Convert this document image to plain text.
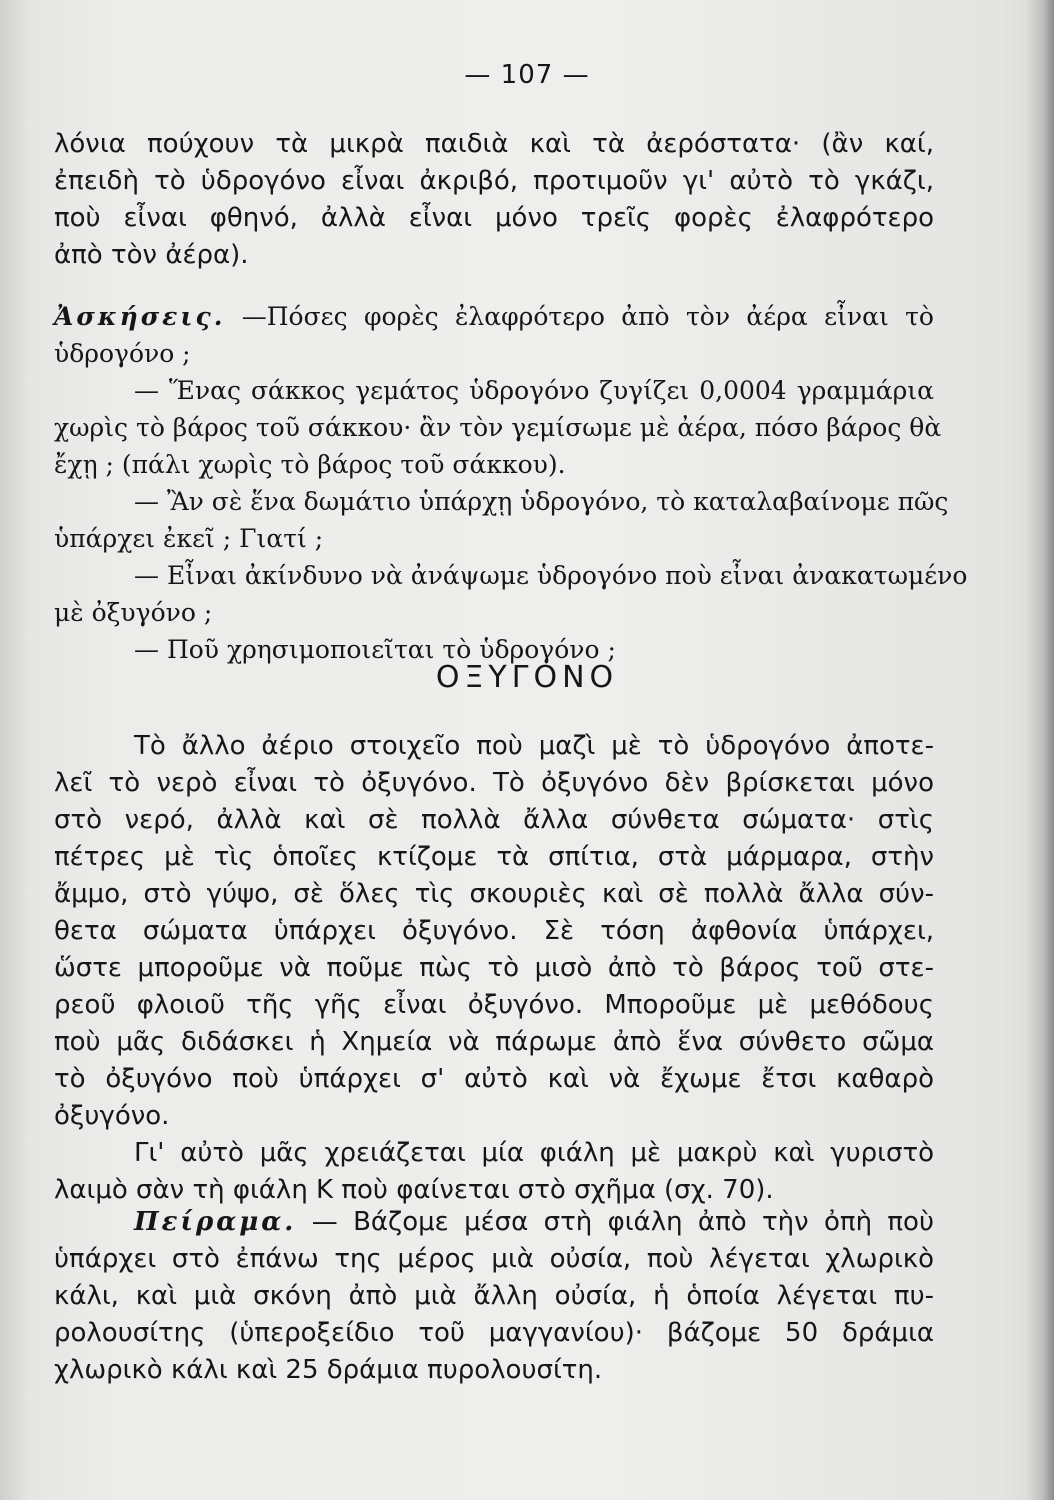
— 107 —
λόνια πούχουν τὰ μικρὰ παιδιὰ καὶ τὰ ἀερόστατα· (ἂν καί,
ἐπειδὴ τὸ ὑδρογόνο εἶναι ἀκριβό, προτιμοῦν γι' αὐτὸ τὸ γκάζι,
ποὺ εἶναι φθηνό, ἀλλὰ εἶναι μόνο τρεῖς φορὲς ἐλαφρότερο
ἀπὸ τὸν ἀέρα).
Ἀσκήσεις. —Πόσες φορὲς ἐλαφρότερο ἀπὸ τὸν ἀέρα εἶναι τὸ
ὑδρογόνο ;
— Ἕνας σάκκος γεμάτος ὑδρογόνο ζυγίζει 0,0004 γραμμάρια
χωρὶς τὸ βάρος τοῦ σάκκου· ἂν τὸν γεμίσωμε μὲ ἀέρα, πόσο βάρος θὰ
ἔχῃ ; (πάλι χωρὶς τὸ βάρος τοῦ σάκκου).
— Ἂν σὲ ἕνα δωμάτιο ὑπάρχῃ ὑδρογόνο, τὸ καταλαβαίνομε πῶς
ὑπάρχει ἐκεῖ ; Γιατί ;
— Εἶναι ἀκίνδυνο νὰ ἀνάψωμε ὑδρογόνο ποὺ εἶναι ἀνακατωμένο
μὲ ὀξυγόνο ;
— Ποῦ χρησιμοποιεῖται τὸ ὑδρογόνο ;
ΟΞΥΓΟΝΟ
Τὸ ἄλλο ἀέριο στοιχεῖο ποὺ μαζὶ μὲ τὸ ὑδρογόνο ἀποτε-
λεῖ τὸ νερὸ εἶναι τὸ ὀξυγόνο. Τὸ ὀξυγόνο δὲν βρίσκεται μόνο
στὸ νερό, ἀλλὰ καὶ σὲ πολλὰ ἄλλα σύνθετα σώματα· στὶς
πέτρες μὲ τὶς ὁποῖες κτίζομε τὰ σπίτια, στὰ μάρμαρα, στὴν
ἄμμο, στὸ γύψο, σὲ ὅλες τὶς σκουριὲς καὶ σὲ πολλὰ ἄλλα σύν-
θετα σώματα ὑπάρχει ὀξυγόνο. Σὲ τόση ἀφθονία ὑπάρχει,
ὥστε μποροῦμε νὰ ποῦμε πὼς τὸ μισὸ ἀπὸ τὸ βάρος τοῦ στε-
ρεοῦ φλοιοῦ τῆς γῆς εἶναι ὀξυγόνο. Μποροῦμε μὲ μεθόδους
ποὺ μᾶς διδάσκει ἡ Χημεία νὰ πάρωμε ἀπὸ ἕνα σύνθετο σῶμα
τὸ ὀξυγόνο ποὺ ὑπάρχει σ' αὐτὸ καὶ νὰ ἔχωμε ἔτσι καθαρὸ
ὀξυγόνο.
Γι' αὐτὸ μᾶς χρειάζεται μία φιάλη μὲ μακρὺ καὶ γυριστὸ
λαιμὸ σὰν τὴ φιάλη Κ ποὺ φαίνεται στὸ σχῆμα (σχ. 70).
Πείραμα. — Βάζομε μέσα στὴ φιάλη ἀπὸ τὴν ὀπὴ ποὺ
ὑπάρχει στὸ ἐπάνω της μέρος μιὰ οὐσία, ποὺ λέγεται χλωρικὸ
κάλι, καὶ μιὰ σκόνη ἀπὸ μιὰ ἄλλη οὐσία, ἡ ὁποία λέγεται πυ-
ρολουσίτης (ὑπεροξείδιο τοῦ μαγγανίου)· βάζομε 50 δράμια
χλωρικὸ κάλι καὶ 25 δράμια πυρολουσίτη.
